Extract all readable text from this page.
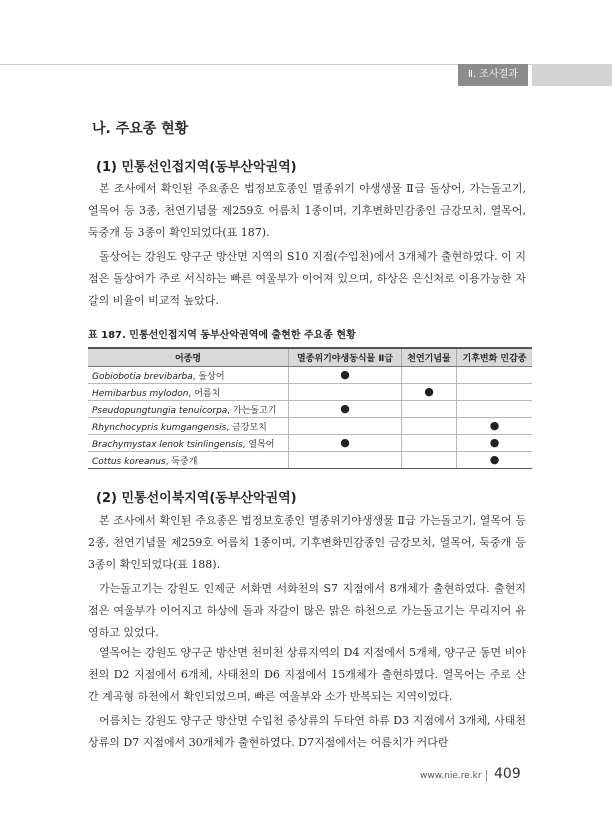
Ⅱ. 조사결과
나. 주요종 현황
(1) 민통선인접지역(동부산악권역)

본 조사에서 확인된 주요종은 법정보호종인 멸종위기 야생생물 Ⅱ급 돌상어, 가는돌고기, 열목어 등 3종, 천연기념물 제259호 어름치 1종이며, 기후변화민감종인 금강모치, 열목어, 둑중개 등 3종이 확인되었다(표 187).

돌상어는 강원도 양구군 방산면 지역의 S10 지점(수입천)에서 3개체가 출현하였다. 이 지점은 돌상어가 주로 서식하는 빠른 여울부가 이어져 있으며, 하상은 은신처로 이용가능한 자갈의 비율이 비교적 높았다.

표 187. 민통선인접지역 동부산악권역에 출현한 주요종 현황
어종명	멸종위기야생동식물 Ⅱ급	천연기념물	기후변화 민감종
Gobiobotia brevibarba, 돌상어	●		
Hemibarbus mylodon, 어름치		●	
Pseudopungtungia tenuicorpa, 가는돌고기	●		
Rhynchocypris kumgangensis, 금강모치			●
Brachymystax lenok tsinlingensis, 열목어	●		●
Cottus koreanus, 둑중개			●
(2) 민통선이북지역(동부산악권역)

본 조사에서 확인된 주요종은 법정보호종인 멸종위기야생생물 Ⅱ급 가는돌고기, 열목어 등 2종, 천연기념물 제259호 어름치 1종이며, 기후변화민감종인 금강모치, 열목어, 둑중개 등 3종이 확인되었다(표 188).

가는돌고기는 강원도 인제군 서화면 서화천의 S7 지점에서 8개체가 출현하였다. 출현지점은 여울부가 이어지고 하상에 돌과 자갈이 많은 맑은 하천으로 가는돌고기는 무리지어 유영하고 있었다.

열목어는 강원도 양구군 방산면 천미천 상류지역의 D4 지점에서 5개체, 양구군 동면 비야천의 D2 지점에서 6개체, 사태천의 D6 지점에서 15개체가 출현하였다. 열목어는 주로 산간 계곡형 하천에서 확인되었으며, 빠른 여울부와 소가 반복되는 지역이었다.

어름치는 강원도 양구군 방산면 수입천 중상류의 두타연 하류 D3 지점에서 3개체, 사태천 상류의 D7 지점에서 30개체가 출현하였다. D7지점에서는 어름치가 커다란

www.nie.re.kr 409
